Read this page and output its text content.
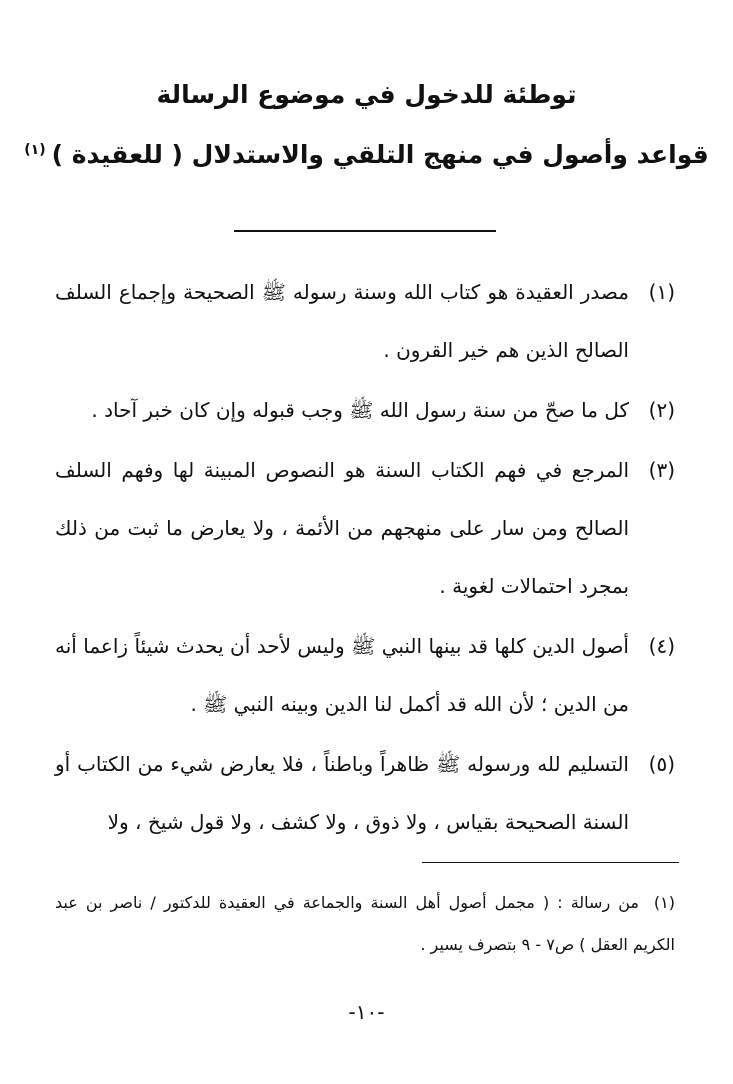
توطئة للدخول في موضوع الرسالة
قواعد وأصول في منهج التلقي والاستدلال ( للعقيدة )$^{(١)}$

(١)مصدر العقيدة هو كتاب الله وسنة رسوله ﷺ الصحيحة وإجماع السلف الصالح الذين هم خير القرون .

(٢)كل ما صحّ من سنة رسول الله ﷺ وجب قبوله وإن كان خبر آحاد .

(٣)المرجع في فهم الكتاب السنة هو النصوص المبينة لها وفهم السلف الصالح ومن سار على منهجهم من الأئمة ، ولا يعارض ما ثبت من ذلك بمجرد احتمالات لغوية .

(٤)أصول الدين كلها قد بينها النبي ﷺ وليس لأحد أن يحدث شيئاً زاعما أنه من الدين ؛ لأن الله قد أكمل لنا الدين وبينه النبي ﷺ .

(٥)التسليم لله ورسوله ﷺ ظاهراً وباطناً ، فلا يعارض شيء من الكتاب أو السنة الصحيحة بقياس ، ولا ذوق ، ولا كشف ، ولا قول شيخ ، ولا

(١)من رسالة : ( مجمل أصول أهل السنة والجماعة في العقيدة للدكتور / ناصر بن عبد الكريم العقل ) ص٧ - ٩ بتصرف يسير .
-١٠-
